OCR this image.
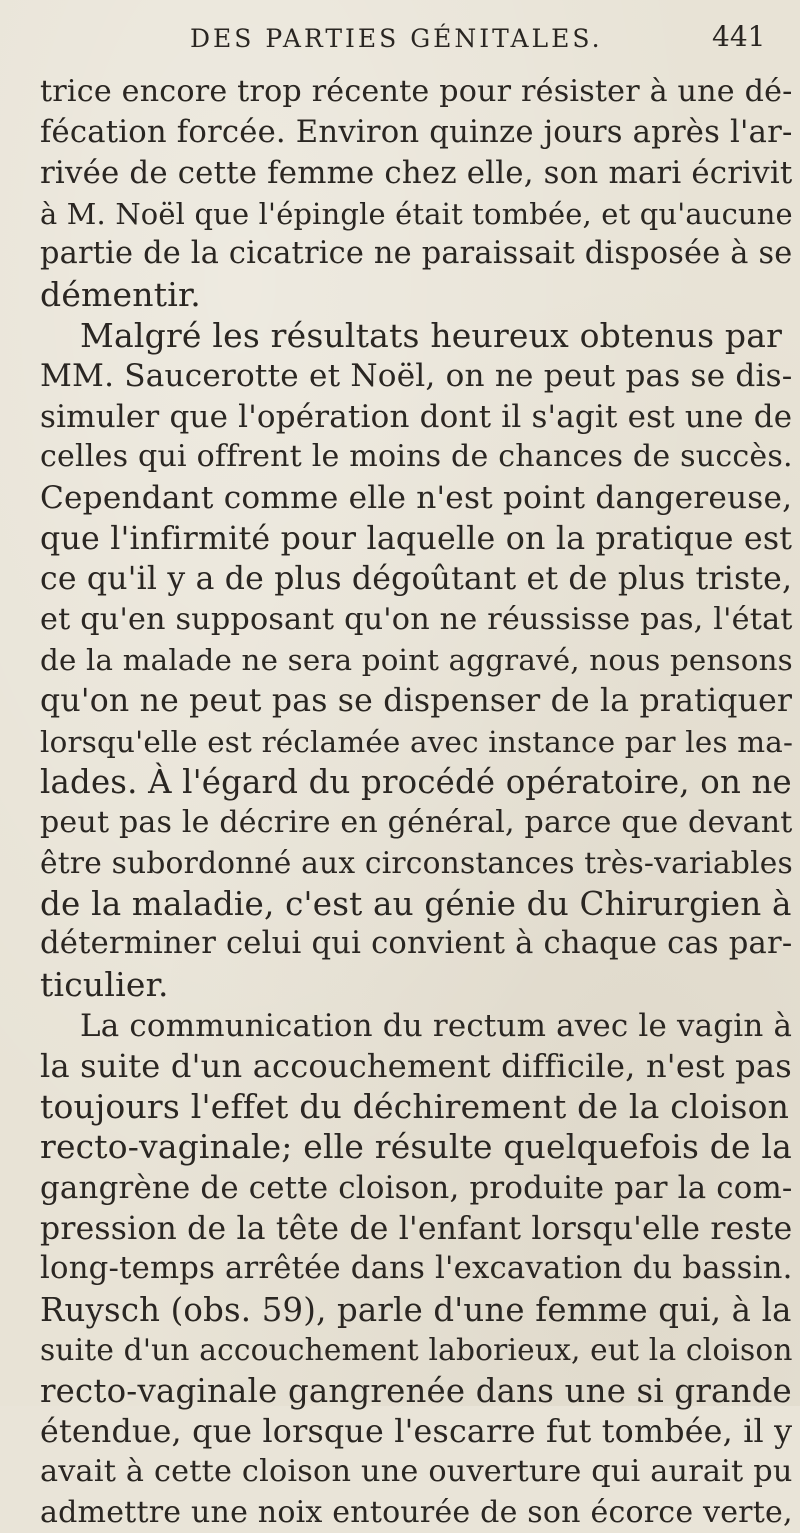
DES PARTIES GÉNITALES.	441
trice encore trop récente pour résister à une dé-
fécation forcée. Environ quinze jours après l'ar-
rivée de cette femme chez elle, son mari écrivit
à M. Noël que l'épingle était tombée, et qu'aucune
partie de la cicatrice ne paraissait disposée à se
démentir.
Malgré les résultats heureux obtenus par
MM. Saucerotte et Noël, on ne peut pas se dis-
simuler que l'opération dont il s'agit est une de
celles qui offrent le moins de chances de succès.
Cependant comme elle n'est point dangereuse,
que l'infirmité pour laquelle on la pratique est
ce qu'il y a de plus dégoûtant et de plus triste,
et qu'en supposant qu'on ne réussisse pas, l'état
de la malade ne sera point aggravé, nous pensons
qu'on ne peut pas se dispenser de la pratiquer
lorsqu'elle est réclamée avec instance par les ma-
lades. À l'égard du procédé opératoire, on ne
peut pas le décrire en général, parce que devant
être subordonné aux circonstances très-variables
de la maladie, c'est au génie du Chirurgien à
déterminer celui qui convient à chaque cas par-
ticulier.
La communication du rectum avec le vagin à
la suite d'un accouchement difficile, n'est pas
toujours l'effet du déchirement de la cloison
recto-vaginale; elle résulte quelquefois de la
gangrène de cette cloison, produite par la com-
pression de la tête de l'enfant lorsqu'elle reste
long-temps arrêtée dans l'excavation du bassin.
Ruysch (obs. 59), parle d'une femme qui, à la
suite d'un accouchement laborieux, eut la cloison
recto-vaginale gangrenée dans une si grande
étendue, que lorsque l'escarre fut tombée, il y
avait à cette cloison une ouverture qui aurait pu
admettre une noix entourée de son écorce verte,
